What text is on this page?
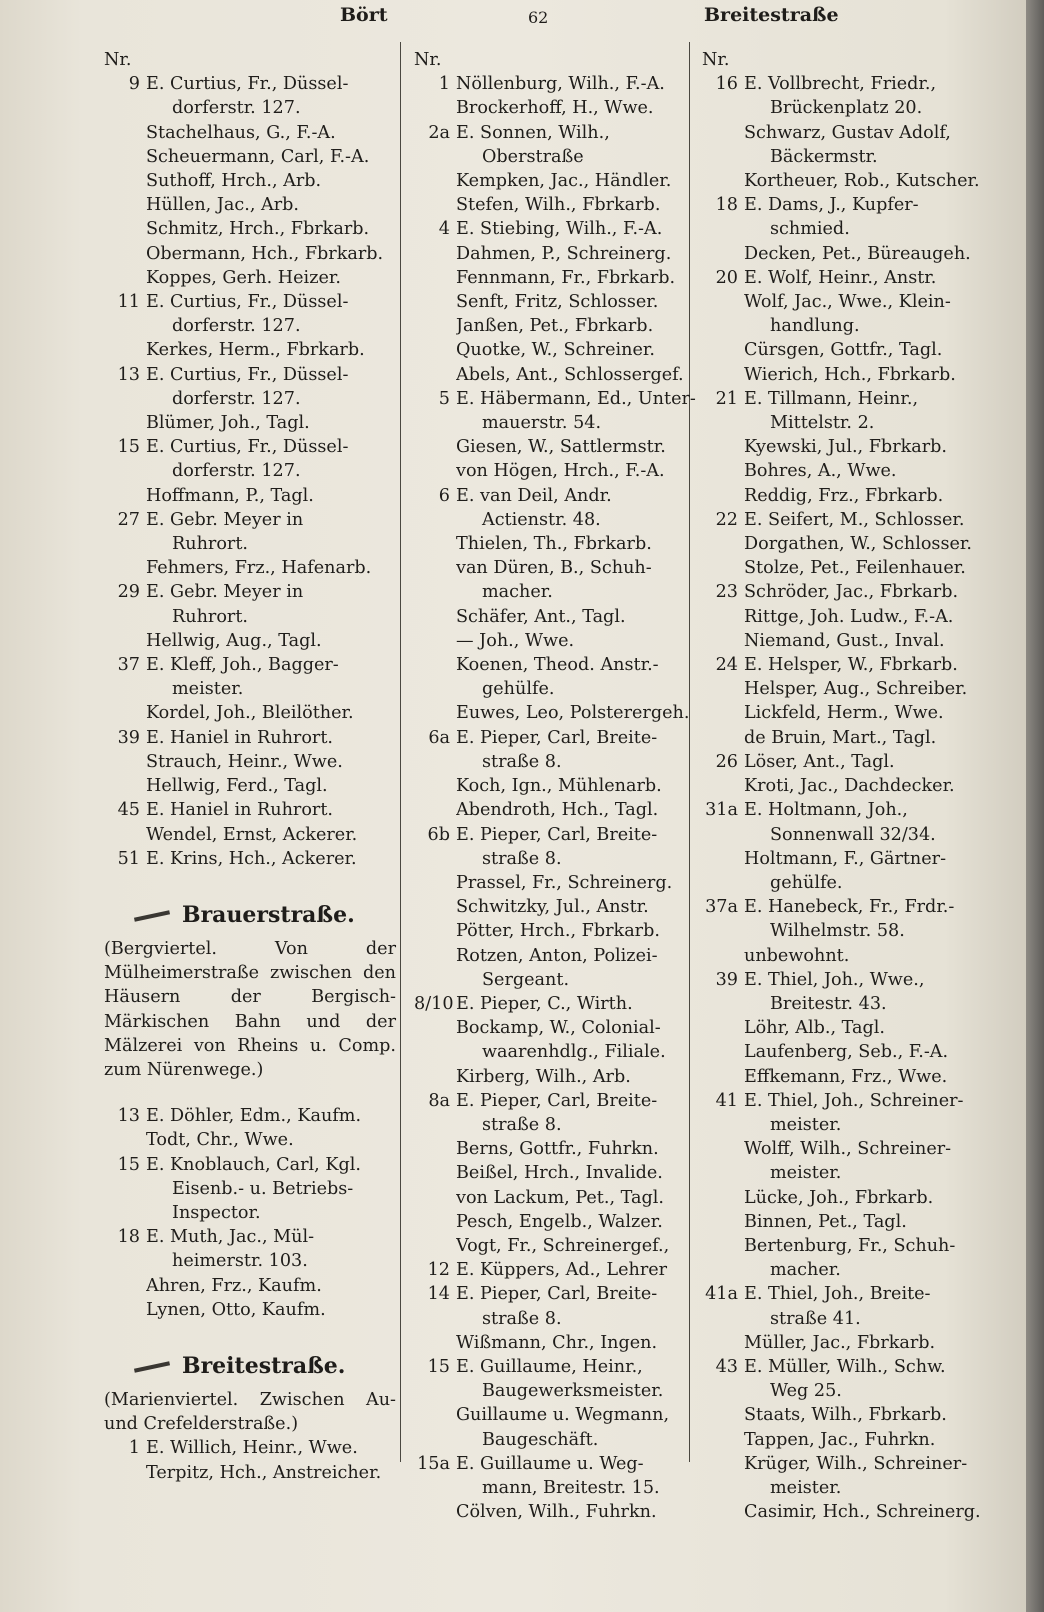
Bört	62	Breitestraße
Nr.
9 E. Curtius, Fr., Düssel-
dorferstr. 127.
Stachelhaus, G., F.-A.
Scheuermann, Carl, F.-A.
Suthoff, Hrch., Arb.
Hüllen, Jac., Arb.
Schmitz, Hrch., Fbrkarb.
Obermann, Hch., Fbrkarb.
Koppes, Gerh. Heizer.
11 E. Curtius, Fr., Düssel-
dorferstr. 127.
Kerkes, Herm., Fbrkarb.
13 E. Curtius, Fr., Düssel-
dorferstr. 127.
Blümer, Joh., Tagl.
15 E. Curtius, Fr., Düssel-
dorferstr. 127.
Hoffmann, P., Tagl.
27 E. Gebr. Meyer in
Ruhrort.
Fehmers, Frz., Hafenarb.
29 E. Gebr. Meyer in
Ruhrort.
Hellwig, Aug., Tagl.
37 E. Kleff, Joh., Bagger-
meister.
Kordel, Joh., Bleilöther.
39 E. Haniel in Ruhrort.
Strauch, Heinr., Wwe.
Hellwig, Ferd., Tagl.
45 E. Haniel in Ruhrort.
Wendel, Ernst, Ackerer.
51 E. Krins, Hch., Ackerer.
Brauerstraße.
(Bergviertel. Von der Mülheimerstraße zwischen den Häusern der Bergisch-Märkischen Bahn und der Mälzerei von Rheins u. Comp. zum Nürenwege.)
13 E. Döhler, Edm., Kaufm.
Todt, Chr., Wwe.
15 E. Knoblauch, Carl, Kgl.
Eisenb.- u. Betriebs-
Inspector.
18 E. Muth, Jac., Mül-
heimerstr. 103.
Ahren, Frz., Kaufm.
Lynen, Otto, Kaufm.
Breitestraße.
(Marienviertel. Zwischen Au- und Crefelderstraße.)
1 E. Willich, Heinr., Wwe.
Terpitz, Hch., Anstreicher.
Nr.
1 Nöllenburg, Wilh., F.-A.
Brockerhoff, H., Wwe.
2a E. Sonnen, Wilh.,
Oberstraße
Kempken, Jac., Händler.
Stefen, Wilh., Fbrkarb.
4 E. Stiebing, Wilh., F.-A.
Dahmen, P., Schreinerg.
Fennmann, Fr., Fbrkarb.
Senft, Fritz, Schlosser.
Janßen, Pet., Fbrkarb.
Quotke, W., Schreiner.
Abels, Ant., Schlossergef.
5 E. Häbermann, Ed., Unter-
mauerstr. 54.
Giesen, W., Sattlermstr.
von Högen, Hrch., F.-A.
6 E. van Deil, Andr.
Actienstr. 48.
Thielen, Th., Fbrkarb.
van Düren, B., Schuh-
macher.
Schäfer, Ant., Tagl.
— Joh., Wwe.
Koenen, Theod. Anstr.-
gehülfe.
Euwes, Leo, Polsterergeh.
6a E. Pieper, Carl, Breite-
straße 8.
Koch, Ign., Mühlenarb.
Abendroth, Hch., Tagl.
6b E. Pieper, Carl, Breite-
straße 8.
Prassel, Fr., Schreinerg.
Schwitzky, Jul., Anstr.
Pötter, Hrch., Fbrkarb.
Rotzen, Anton, Polizei-
Sergeant.
8/10 E. Pieper, C., Wirth.
Bockamp, W., Colonial-
waarenhdlg., Filiale.
Kirberg, Wilh., Arb.
8a E. Pieper, Carl, Breite-
straße 8.
Berns, Gottfr., Fuhrkn.
Beißel, Hrch., Invalide.
von Lackum, Pet., Tagl.
Pesch, Engelb., Walzer.
Vogt, Fr., Schreinergef.,
12 E. Küppers, Ad., Lehrer
14 E. Pieper, Carl, Breite-
straße 8.
Wißmann, Chr., Ingen.
15 E. Guillaume, Heinr.,
Baugewerksmeister.
Guillaume u. Wegmann,
Baugeschäft.
15a E. Guillaume u. Weg-
mann, Breitestr. 15.
Cölven, Wilh., Fuhrkn.
Nr.
16 E. Vollbrecht, Friedr.,
Brückenplatz 20.
Schwarz, Gustav Adolf,
Bäckermstr.
Kortheuer, Rob., Kutscher.
18 E. Dams, J., Kupfer-
schmied.
Decken, Pet., Büreaugeh.
20 E. Wolf, Heinr., Anstr.
Wolf, Jac., Wwe., Klein-
handlung.
Cürsgen, Gottfr., Tagl.
Wierich, Hch., Fbrkarb.
21 E. Tillmann, Heinr.,
Mittelstr. 2.
Kyewski, Jul., Fbrkarb.
Bohres, A., Wwe.
Reddig, Frz., Fbrkarb.
22 E. Seifert, M., Schlosser.
Dorgathen, W., Schlosser.
Stolze, Pet., Feilenhauer.
23 Schröder, Jac., Fbrkarb.
Rittge, Joh. Ludw., F.-A.
Niemand, Gust., Inval.
24 E. Helsper, W., Fbrkarb.
Helsper, Aug., Schreiber.
Lickfeld, Herm., Wwe.
de Bruin, Mart., Tagl.
26 Löser, Ant., Tagl.
Kroti, Jac., Dachdecker.
31a E. Holtmann, Joh.,
Sonnenwall 32/34.
Holtmann, F., Gärtner-
gehülfe.
37a E. Hanebeck, Fr., Frdr.-
Wilhelmstr. 58.
unbewohnt.
39 E. Thiel, Joh., Wwe.,
Breitestr. 43.
Löhr, Alb., Tagl.
Laufenberg, Seb., F.-A.
Effkemann, Frz., Wwe.
41 E. Thiel, Joh., Schreiner-
meister.
Wolff, Wilh., Schreiner-
meister.
Lücke, Joh., Fbrkarb.
Binnen, Pet., Tagl.
Bertenburg, Fr., Schuh-
macher.
41a E. Thiel, Joh., Breite-
straße 41.
Müller, Jac., Fbrkarb.
43 E. Müller, Wilh., Schw.
Weg 25.
Staats, Wilh., Fbrkarb.
Tappen, Jac., Fuhrkn.
Krüger, Wilh., Schreiner-
meister.
Casimir, Hch., Schreinerg.
